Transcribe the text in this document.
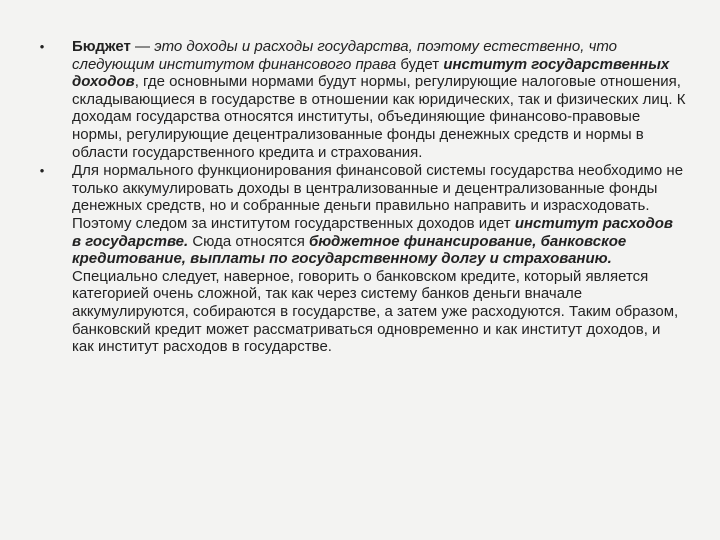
• Бюджет — это доходы и расходы государства, поэтому естественно, что следующим институтом финансового права будет институт государственных доходов, где основными нормами будут нормы, регулирующие налоговые отношения, складывающиеся в государстве в отношении как юридических, так и физических лиц. К доходам государства относятся институты, объединяющие финансово-правовые нормы, регулирующие децентрализованные фонды денежных средств и нормы в области государственного кредита и страхования.
• Для нормального функционирования финансовой системы государства необходимо не только аккумулировать доходы в централизованные и децентрализованные фонды денежных средств, но и собранные деньги правильно направить и израсходовать. Поэтому следом за институтом государственных доходов идет институт расходов в государстве. Сюда относятся бюджетное финансирование, банковское кредитование, выплаты по государственному долгу и страхованию. Специально следует, наверное, говорить о банковском кредите, который является категорией очень сложной, так как через систему банков деньги вначале аккумулируются, собираются в государстве, а затем уже расходуются. Таким образом, банковский кредит может рассматриваться одновременно и как институт доходов, и как институт расходов в государстве.
